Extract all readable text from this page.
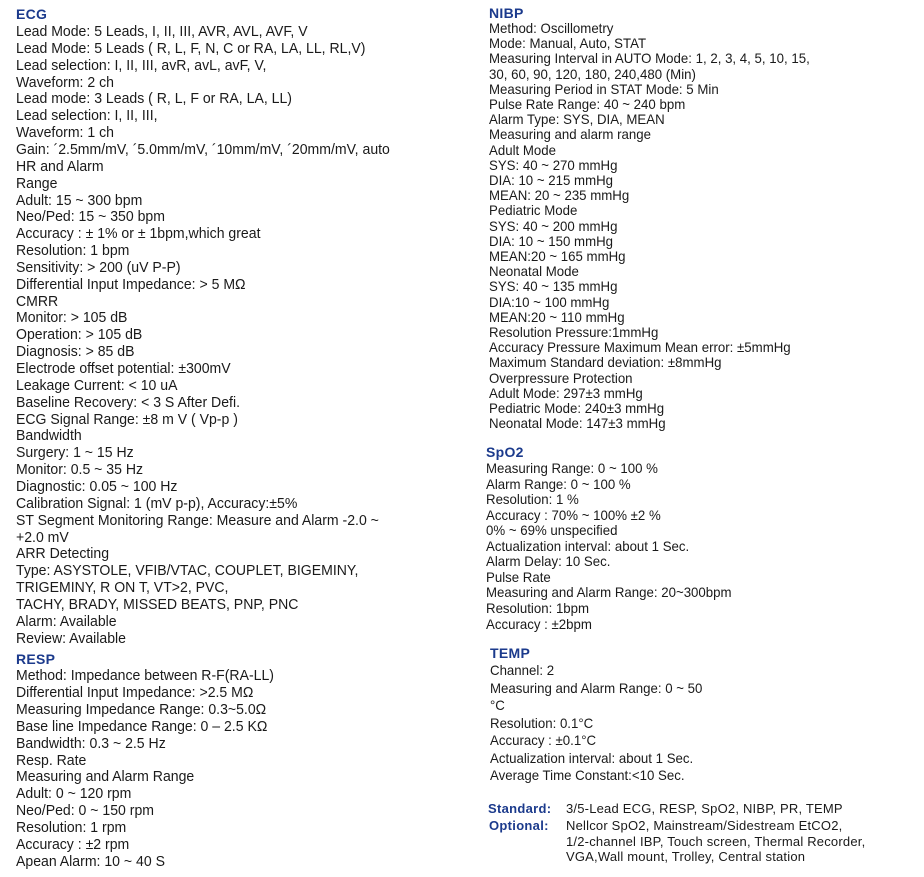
ECG
Lead Mode: 5 Leads, I, II, III, AVR, AVL, AVF, V
Lead Mode: 5 Leads ( R, L, F, N, C or RA, LA, LL, RL,V)
Lead selection: I, II, III, avR, avL, avF, V,
Waveform: 2 ch
Lead mode: 3 Leads ( R, L, F or RA, LA, LL)
Lead selection: I, II, III,
Waveform: 1 ch
Gain: ´2.5mm/mV, ´5.0mm/mV, ´10mm/mV, ´20mm/mV, auto
HR and Alarm
Range
Adult: 15 ~ 300 bpm
Neo/Ped: 15 ~ 350 bpm
Accuracy : ± 1% or ± 1bpm,which great
Resolution: 1 bpm
Sensitivity: > 200 (uV P-P)
Differential Input Impedance: > 5 MΩ
CMRR
Monitor: > 105 dB
Operation: > 105 dB
Diagnosis: > 85 dB
Electrode offset potential: ±300mV
Leakage Current: < 10 uA
Baseline Recovery: < 3 S After Defi.
ECG Signal Range: ±8 m V ( Vp-p )
Bandwidth
Surgery: 1 ~ 15 Hz
Monitor: 0.5 ~ 35 Hz
Diagnostic: 0.05 ~ 100 Hz
Calibration Signal: 1 (mV p-p), Accuracy:±5%
ST Segment Monitoring Range: Measure and Alarm -2.0 ~
+2.0 mV
ARR Detecting
Type: ASYSTOLE, VFIB/VTAC, COUPLET, BIGEMINY,
TRIGEMINY, R ON T, VT>2, PVC,
TACHY, BRADY, MISSED BEATS, PNP, PNC
Alarm: Available
Review: Available
RESP
Method: Impedance between R-F(RA-LL)
Differential Input Impedance: >2.5 MΩ
Measuring Impedance Range: 0.3~5.0Ω
Base line Impedance Range: 0 – 2.5 KΩ
Bandwidth: 0.3 ~ 2.5 Hz
Resp. Rate
Measuring and Alarm Range
Adult: 0 ~ 120 rpm
Neo/Ped: 0 ~ 150 rpm
Resolution: 1 rpm
Accuracy : ±2 rpm
Apean Alarm: 10 ~ 40 S
NIBP
Method: Oscillometry
Mode: Manual, Auto, STAT
Measuring Interval in AUTO Mode: 1, 2, 3, 4, 5, 10, 15,
30, 60, 90, 120, 180, 240,480 (Min)
Measuring Period in STAT Mode: 5 Min
Pulse Rate Range: 40 ~ 240 bpm
Alarm Type: SYS, DIA, MEAN
Measuring and alarm range
Adult Mode
SYS: 40 ~ 270 mmHg
DIA: 10 ~ 215 mmHg
MEAN: 20 ~ 235 mmHg
Pediatric Mode
SYS: 40 ~ 200 mmHg
DIA: 10 ~ 150 mmHg
MEAN:20 ~ 165 mmHg
Neonatal Mode
SYS: 40 ~ 135 mmHg
DIA:10 ~ 100 mmHg
MEAN:20 ~ 110 mmHg
Resolution Pressure:1mmHg
Accuracy Pressure Maximum Mean error: ±5mmHg
Maximum Standard deviation: ±8mmHg
Overpressure Protection
Adult Mode: 297±3 mmHg
Pediatric Mode: 240±3 mmHg
Neonatal Mode: 147±3 mmHg
SpO2
Measuring Range: 0 ~ 100 %
Alarm Range: 0 ~ 100 %
Resolution: 1 %
Accuracy : 70% ~ 100% ±2 %
0% ~ 69% unspecified
Actualization interval: about 1 Sec.
Alarm Delay: 10 Sec.
Pulse Rate
Measuring and Alarm Range: 20~300bpm
Resolution: 1bpm
Accuracy : ±2bpm
TEMP
Channel: 2
Measuring and Alarm Range: 0 ~ 50
°C
Resolution: 0.1°C
Accuracy : ±0.1°C
Actualization interval: about 1 Sec.
Average Time Constant:<10 Sec.
Standard: 3/5-Lead ECG, RESP, SpO2, NIBP, PR, TEMP
Optional: Nellcor SpO2, Mainstream/Sidestream EtCO2,
1/2-channel IBP, Touch screen, Thermal Recorder,
VGA,Wall mount, Trolley, Central station
